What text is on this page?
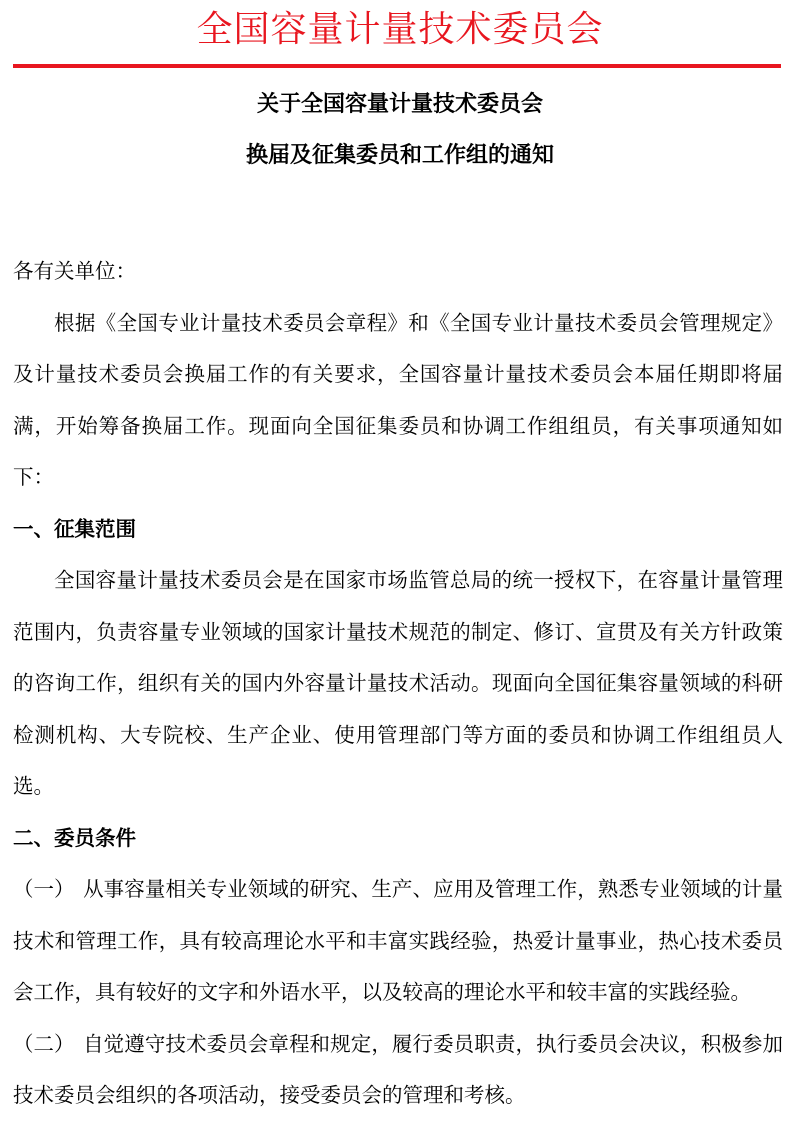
全国容量计量技术委员会
关于全国容量计量技术委员会
换届及征集委员和工作组的通知

各有关单位：

根据《全国专业计量技术委员会章程》和《全国专业计量技术委员会管理规定》及计量技术委员会换届工作的有关要求，全国容量计量技术委员会本届任期即将届满，开始筹备换届工作。现面向全国征集委员和协调工作组组员，有关事项通知如下：

一、征集范围

全国容量计量技术委员会是在国家市场监管总局的统一授权下，在容量计量管理范围内，负责容量专业领域的国家计量技术规范的制定、修订、宣贯及有关方针政策的咨询工作，组织有关的国内外容量计量技术活动。现面向全国征集容量领域的科研检测机构、大专院校、生产企业、使用管理部门等方面的委员和协调工作组组员人选。

二、委员条件

（一） 从事容量相关专业领域的研究、生产、应用及管理工作，熟悉专业领域的计量技术和管理工作，具有较高理论水平和丰富实践经验，热爱计量事业，热心技术委员会工作，具有较好的文字和外语水平，以及较高的理论水平和较丰富的实践经验。

（二） 自觉遵守技术委员会章程和规定，履行委员职责，执行委员会决议，积极参加技术委员会组织的各项活动，接受委员会的管理和考核。
